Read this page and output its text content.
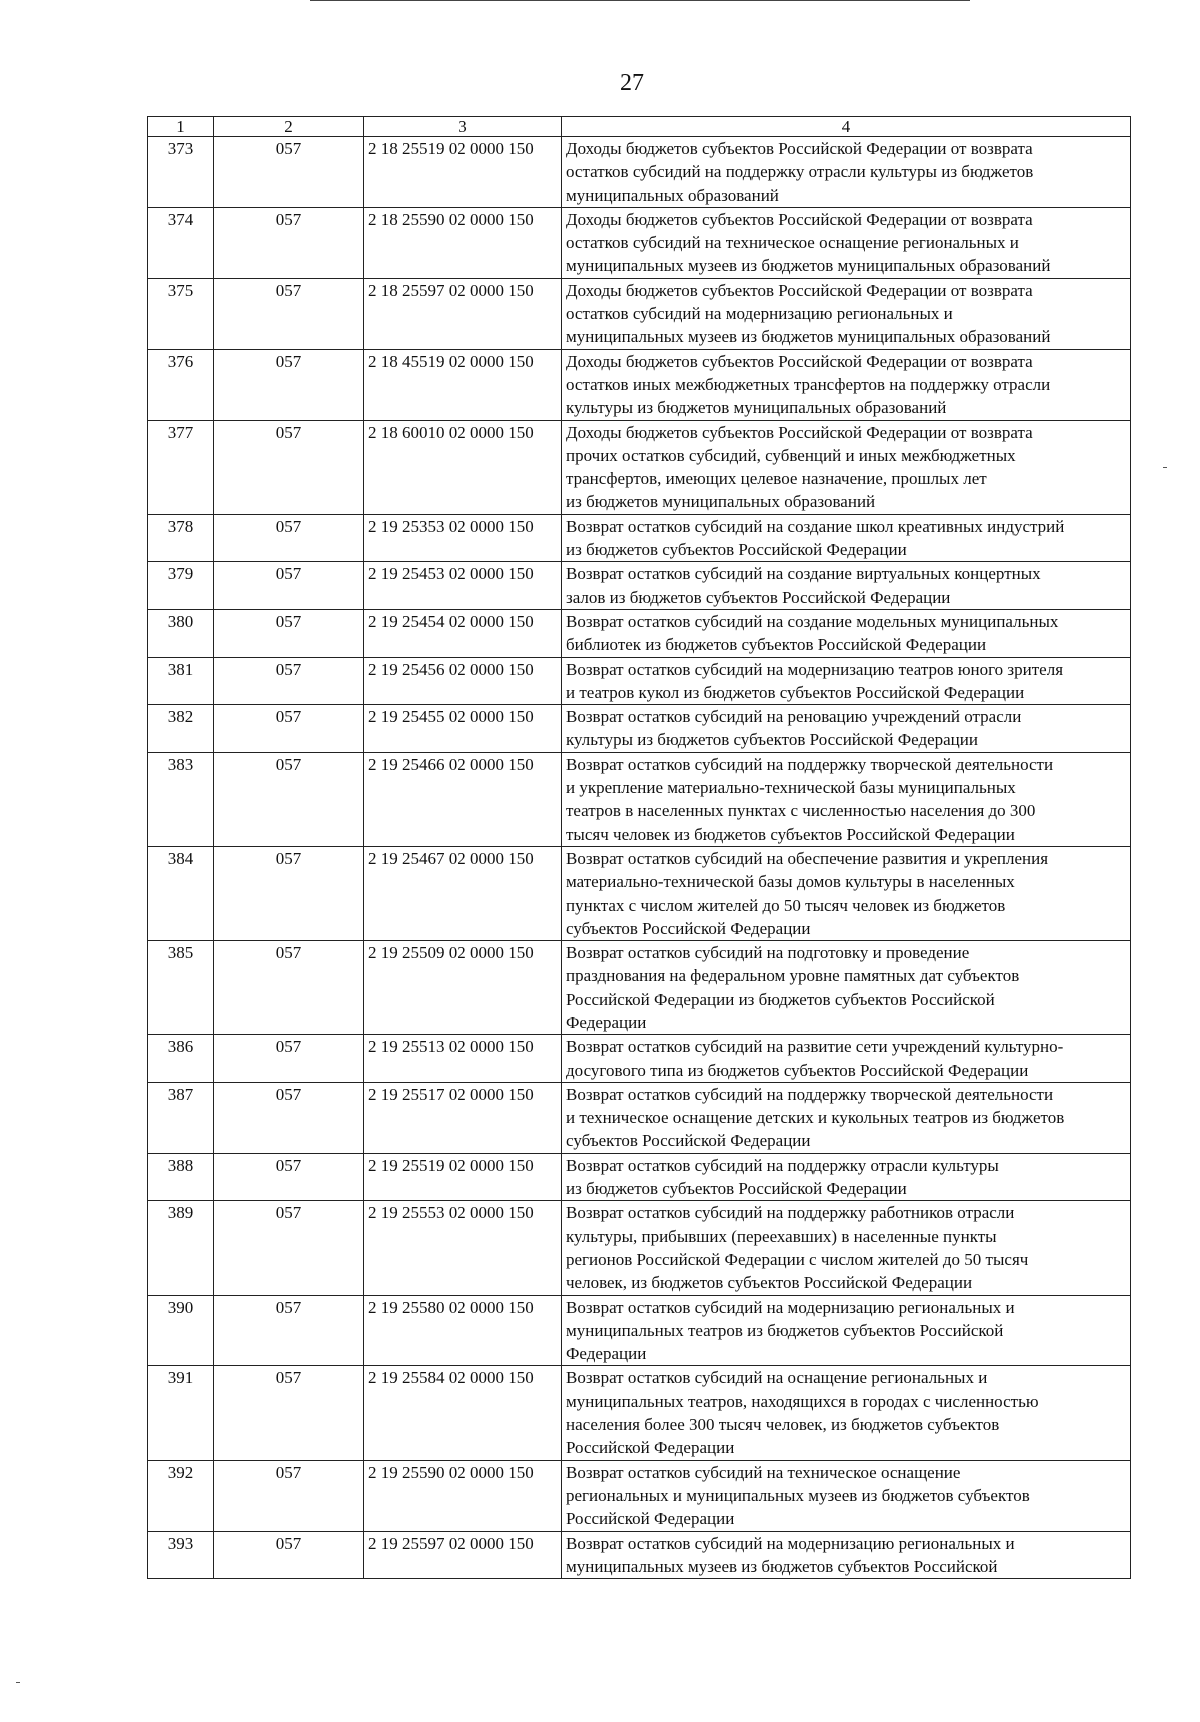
27
1	2	3	4
373	057	2 18 25519 02 0000 150	Доходы бюджетов субъектов Российской Федерации от возврата
остатков субсидий на поддержку отрасли культуры из бюджетов
муниципальных образований

374	057	2 18 25590 02 0000 150	Доходы бюджетов субъектов Российской Федерации от возврата
остатков субсидий на техническое оснащение региональных и
муниципальных музеев из бюджетов муниципальных образований

375	057	2 18 25597 02 0000 150	Доходы бюджетов субъектов Российской Федерации от возврата
остатков субсидий на модернизацию региональных и
муниципальных музеев из бюджетов муниципальных образований

376	057	2 18 45519 02 0000 150	Доходы бюджетов субъектов Российской Федерации от возврата
остатков иных межбюджетных трансфертов на поддержку отрасли
культуры из бюджетов муниципальных образований

377	057	2 18 60010 02 0000 150	Доходы бюджетов субъектов Российской Федерации от возврата
прочих остатков субсидий, субвенций и иных межбюджетных
трансфертов, имеющих целевое назначение, прошлых лет
из бюджетов муниципальных образований

378	057	2 19 25353 02 0000 150	Возврат остатков субсидий на создание школ креативных индустрий
из бюджетов субъектов Российской Федерации

379	057	2 19 25453 02 0000 150	Возврат остатков субсидий на создание виртуальных концертных
залов из бюджетов субъектов Российской Федерации

380	057	2 19 25454 02 0000 150	Возврат остатков субсидий на создание модельных муниципальных
библиотек из бюджетов субъектов Российской Федерации

381	057	2 19 25456 02 0000 150	Возврат остатков субсидий на модернизацию театров юного зрителя
и театров кукол из бюджетов субъектов Российской Федерации

382	057	2 19 25455 02 0000 150	Возврат остатков субсидий на реновацию учреждений отрасли
культуры из бюджетов субъектов Российской Федерации

383	057	2 19 25466 02 0000 150	Возврат остатков субсидий на поддержку творческой деятельности
и укрепление материально-технической базы муниципальных
театров в населенных пунктах с численностью населения до 300
тысяч человек из бюджетов субъектов Российской Федерации

384	057	2 19 25467 02 0000 150	Возврат остатков субсидий на обеспечение развития и укрепления
материально-технической базы домов культуры в населенных
пунктах с числом жителей до 50 тысяч человек из бюджетов
субъектов Российской Федерации

385	057	2 19 25509 02 0000 150	Возврат остатков субсидий на подготовку и проведение
празднования на федеральном уровне памятных дат субъектов
Российской Федерации из бюджетов субъектов Российской
Федерации

386	057	2 19 25513 02 0000 150	Возврат остатков субсидий на развитие сети учреждений культурно-
досугового типа из бюджетов субъектов Российской Федерации

387	057	2 19 25517 02 0000 150	Возврат остатков субсидий на поддержку творческой деятельности
и техническое оснащение детских и кукольных театров из бюджетов
субъектов Российской Федерации

388	057	2 19 25519 02 0000 150	Возврат остатков субсидий на поддержку отрасли культуры
из бюджетов субъектов Российской Федерации

389	057	2 19 25553 02 0000 150	Возврат остатков субсидий на поддержку работников отрасли
культуры, прибывших (переехавших) в населенные пункты
регионов Российской Федерации с числом жителей до 50 тысяч
человек, из бюджетов субъектов Российской Федерации

390	057	2 19 25580 02 0000 150	Возврат остатков субсидий на модернизацию региональных и
муниципальных театров из бюджетов субъектов Российской
Федерации

391	057	2 19 25584 02 0000 150	Возврат остатков субсидий на оснащение региональных и
муниципальных театров, находящихся в городах с численностью
населения более 300 тысяч человек, из бюджетов субъектов
Российской Федерации

392	057	2 19 25590 02 0000 150	Возврат остатков субсидий на техническое оснащение
региональных и муниципальных музеев из бюджетов субъектов
Российской Федерации

393	057	2 19 25597 02 0000 150	Возврат остатков субсидий на модернизацию региональных и
муниципальных музеев из бюджетов субъектов Российской
